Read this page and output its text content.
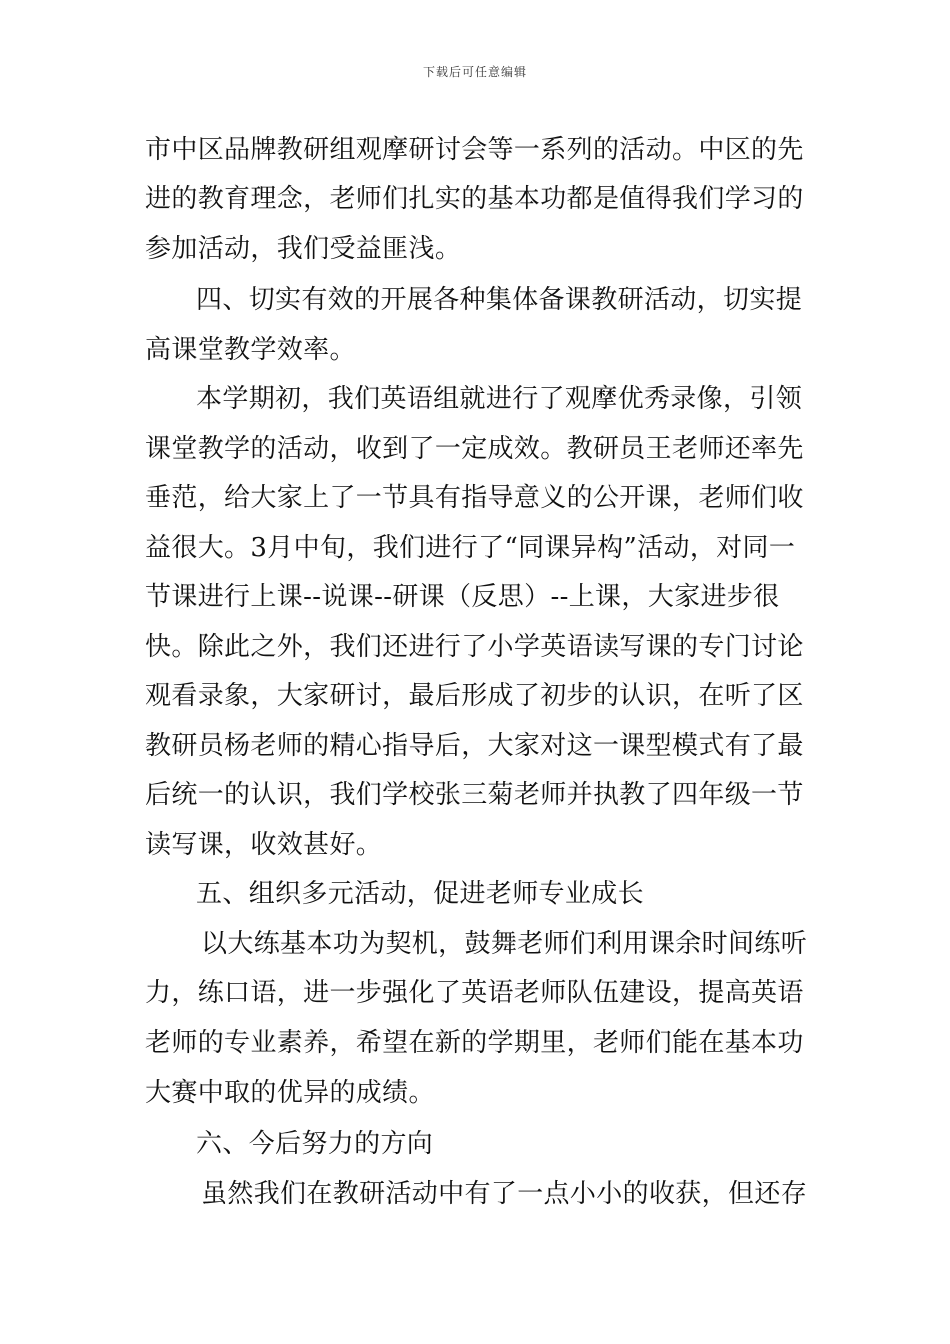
下载后可任意编辑
市中区品牌教研组观摩研讨会等一系列的活动。中区的先
进的教育理念，老师们扎实的基本功都是值得我们学习的
参加活动，我们受益匪浅。
四、切实有效的开展各种集体备课教研活动，切实提
高课堂教学效率。
本学期初，我们英语组就进行了观摩优秀录像，引领
课堂教学的活动，收到了一定成效。教研员王老师还率先
垂范，给大家上了一节具有指导意义的公开课，老师们收
益很大。3月中旬，我们进行了“同课异构”活动，对同一
节课进行上课--说课--研课（反思）--上课，大家进步很
快。除此之外，我们还进行了小学英语读写课的专门讨论
观看录象，大家研讨，最后形成了初步的认识，在听了区
教研员杨老师的精心指导后，大家对这一课型模式有了最
后统一的认识，我们学校张三菊老师并执教了四年级一节
读写课，收效甚好。
五、组织多元活动，促进老师专业成长
以大练基本功为契机，鼓舞老师们利用课余时间练听
力，练口语，进一步强化了英语老师队伍建设，提高英语
老师的专业素养，希望在新的学期里，老师们能在基本功
大赛中取的优异的成绩。
六、今后努力的方向
虽然我们在教研活动中有了一点小小的收获，但还存
